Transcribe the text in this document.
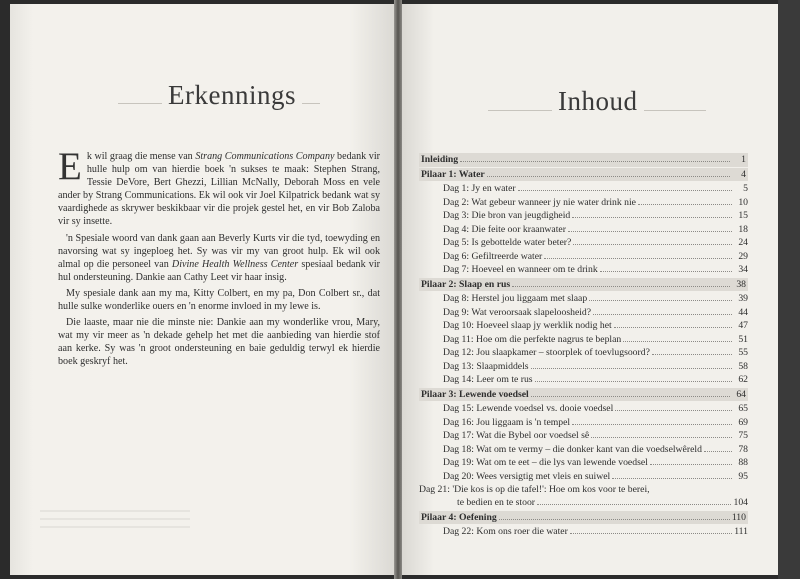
Erkennings

Ek wil graag die mense van Strang Communications Company bedank vir hulle hulp om van hierdie boek 'n sukses te maak: Stephen Strang, Tessie DeVore, Bert Ghezzi, Lillian McNally, Deborah Moss en vele ander by Strang Communications. Ek wil ook vir Joel Kilpatrick bedank wat sy vaardighede as skrywer beskikbaar vir die projek gestel het, en vir Bob Zaloba vir sy insette.

'n Spesiale woord van dank gaan aan Beverly Kurts vir die tyd, toewyding en navorsing wat sy ingeploeg het. Sy was vir my van groot hulp. Ek wil ook almal op die personeel van Divine Health Wellness Center spesiaal bedank vir hul ondersteuning. Dankie aan Cathy Leet vir haar insig.

My spesiale dank aan my ma, Kitty Colbert, en my pa, Don Colbert sr., dat hulle sulke wonderlike ouers en 'n enorme invloed in my lewe is.

Die laaste, maar nie die minste nie: Dankie aan my wonderlike vrou, Mary, wat my vir meer as 'n dekade gehelp het met die aanbieding van hierdie stof aan kerke. Sy was 'n groot ondersteuning en baie geduldig terwyl ek hierdie boek geskryf het.

Inhoud
Inleiding	1
Pilaar 1: Water	4
Dag 1: Jy en water	5
Dag 2: Wat gebeur wanneer jy nie water drink nie	10
Dag 3: Die bron van jeugdigheid	15
Dag 4: Die feite oor kraanwater	18
Dag 5: Is gebottelde water beter?	24
Dag 6: Gefiltreerde water	29
Dag 7: Hoeveel en wanneer om te drink	34
Pilaar 2: Slaap en rus	38
Dag 8: Herstel jou liggaam met slaap	39
Dag 9: Wat veroorsaak slapeloosheid?	44
Dag 10: Hoeveel slaap jy werklik nodig het	47
Dag 11: Hoe om die perfekte nagrus te beplan	51
Dag 12: Jou slaapkamer – stoorplek of toevlugsoord?	55
Dag 13: Slaapmiddels	58
Dag 14: Leer om te rus	62
Pilaar 3: Lewende voedsel	64
Dag 15: Lewende voedsel vs. dooie voedsel	65
Dag 16: Jou liggaam is 'n tempel	69
Dag 17: Wat die Bybel oor voedsel sê	75
Dag 18: Wat om te vermy – die donker kant van die voedselwêreld	78
Dag 19: Wat om te eet – die lys van lewende voedsel	88
Dag 20: Wees versigtig met vleis en suiwel	95
Dag 21: 'Die kos is op die tafel!': Hoe om kos voor te berei,
te bedien en te stoor	104
Pilaar 4: Oefening	110
Dag 22: Kom ons roer die water	111
